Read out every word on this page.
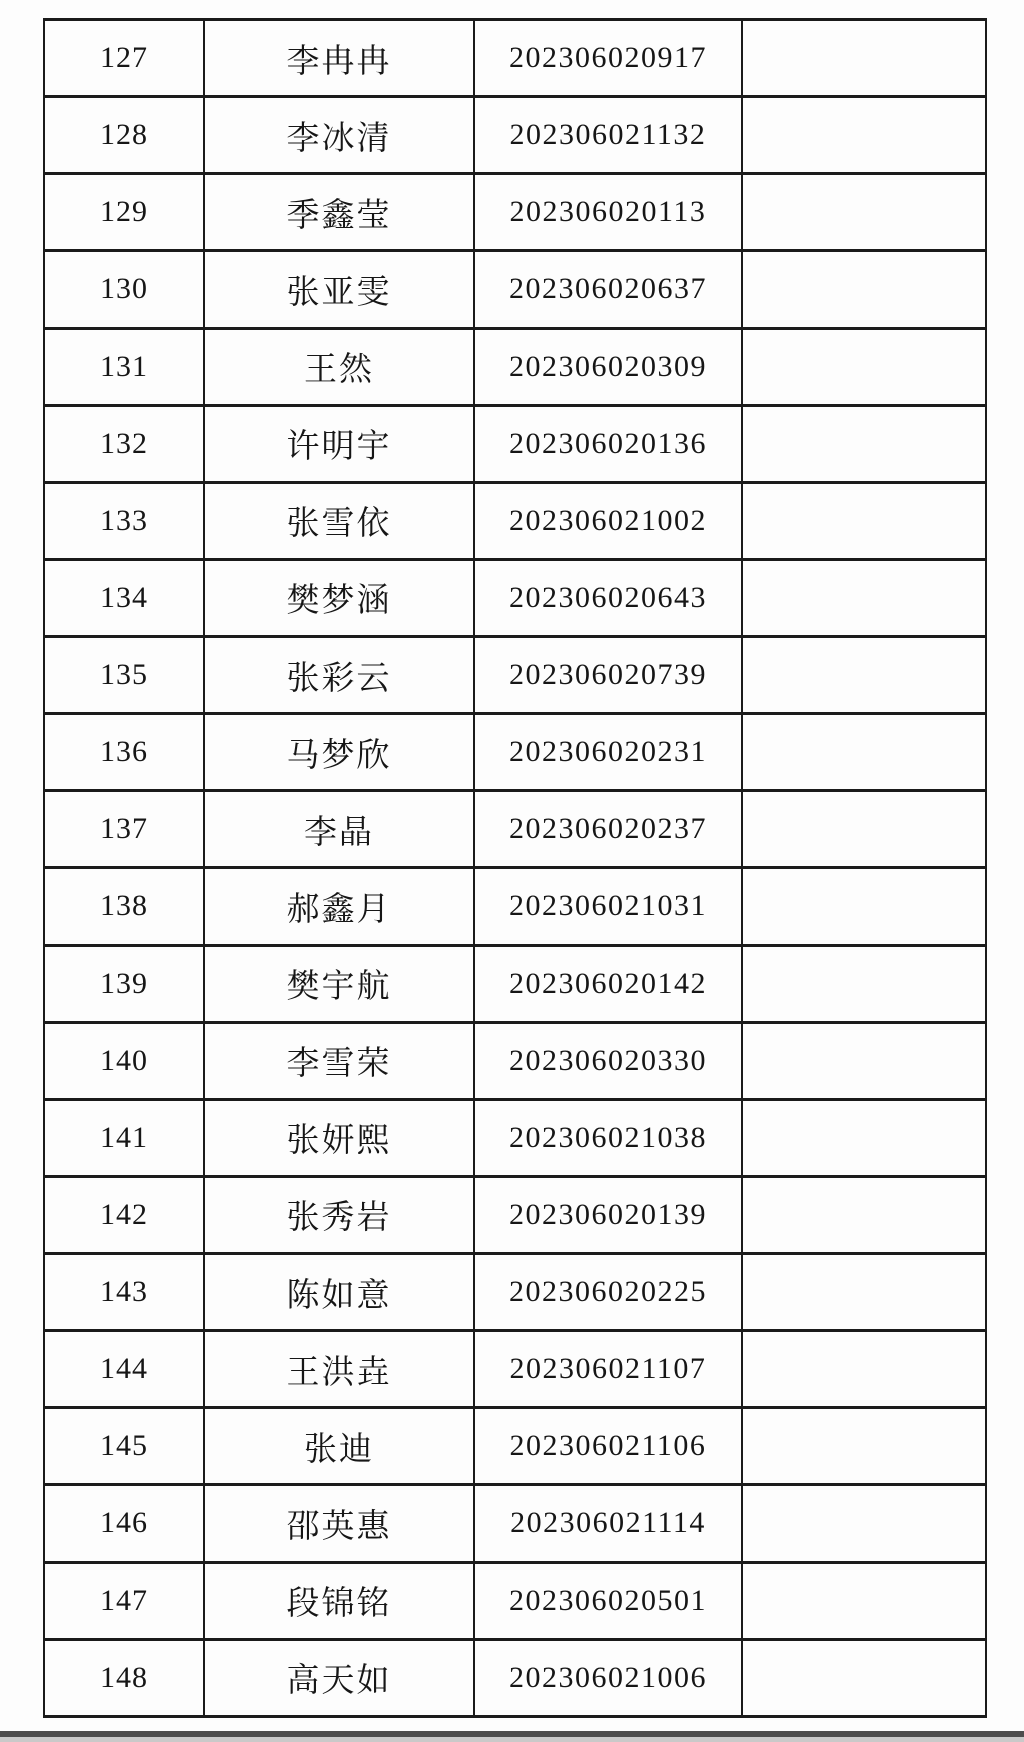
127	李冉冉	202306020917	
128	李冰清	202306021132	
129	季鑫莹	202306020113	
130	张亚雯	202306020637	
131	王然	202306020309	
132	许明宇	202306020136	
133	张雪依	202306021002	
134	樊梦涵	202306020643	
135	张彩云	202306020739	
136	马梦欣	202306020231	
137	李晶	202306020237	
138	郝鑫月	202306021031	
139	樊宇航	202306020142	
140	李雪荣	202306020330	
141	张妍熙	202306021038	
142	张秀岩	202306020139	
143	陈如意	202306020225	
144	王洪垚	202306021107	
145	张迪	202306021106	
146	邵英惠	202306021114	
147	段锦铭	202306020501	
148	高天如	202306021006	
